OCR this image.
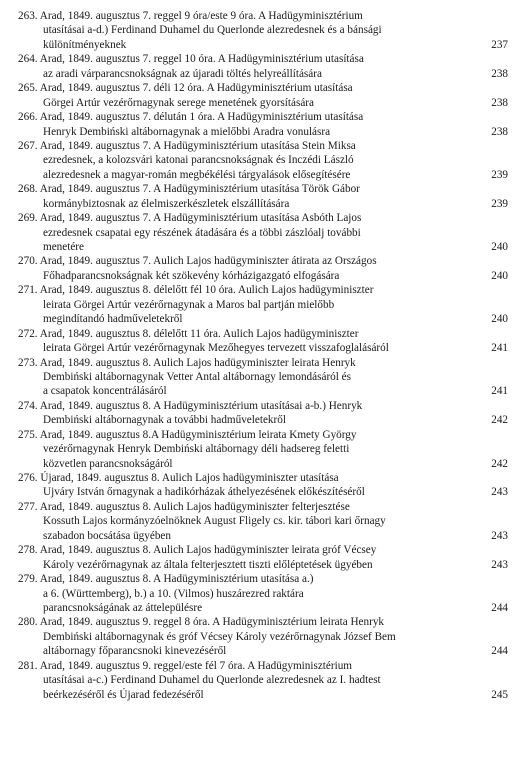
263. Arad, 1849. augusztus 7. reggel 9 óra/este 9 óra. A Hadügyminisztérium
utasításai a-d.) Ferdinand Duhamel du Querlonde alezredesnek és a bánsági
különítményeknek	237
264. Arad, 1849. augusztus 7. reggel 10 óra. A Hadügyminisztérium utasítása
az aradi várparancsnokságnak az újaradi töltés helyreállítására	238
265. Arad, 1849. augusztus 7. déli 12 óra. A Hadügyminisztérium utasítása
Görgei Artúr vezérőrnagynak serege menetének gyorsítására	238
266. Arad, 1849. augusztus 7. délután 1 óra. A Hadügyminisztérium utasítása
Henryk Dembiński altábornagynak a mielőbbi Aradra vonulásra	238
267. Arad, 1849. augusztus 7. A Hadügyminisztérium utasítása Stein Miksa
ezredesnek, a kolozsvári katonai parancsnokságnak és Inczédi László
alezredesnek a magyar-román megbékélési tárgyalások elősegítésére	239
268. Arad, 1849. augusztus 7. A Hadügyminisztérium utasítása Török Gábor
kormánybiztosnak az élelmiszerkészletek elszállítására	239
269. Arad, 1849. augusztus 7. A Hadügyminisztérium utasítása Asbóth Lajos
ezredesnek csapatai egy részének átadására és a többi zászlóalj további
menetére	240
270. Arad, 1849. augusztus 7. Aulich Lajos hadügyminiszter átirata az Országos
Főhadparancsnokságnak két szökevény kórházigazgató elfogására	240
271. Arad, 1849. augusztus 8. délelőtt fél 10 óra. Aulich Lajos hadügyminiszter
leirata Görgei Artúr vezérőrnagynak a Maros bal partján mielőbb
megindítandó hadműveletekről	240
272. Arad, 1849. augusztus 8. délelőtt 11 óra. Aulich Lajos hadügyminiszter
leirata Görgei Artúr vezérőrnagynak Mezőhegyes tervezett visszafoglalásáról	241
273. Arad, 1849. augusztus 8. Aulich Lajos hadügyminiszter leirata Henryk
Dembiński altábornagynak Vetter Antal altábornagy lemondásáról és
a csapatok koncentrálásáról	241
274. Arad, 1849. augusztus 8. A Hadügyminisztérium utasításai a-b.) Henryk
Dembiński altábornagynak a további hadműveletekről	242
275. Arad, 1849. augusztus 8.A Hadügyminisztérium leirata Kmety György
vezérőrnagynak Henryk Dembiński altábornagy déli hadsereg feletti
közvetlen parancsnokságáról	242
276. Újarad, 1849. augusztus 8. Aulich Lajos hadügyminiszter utasítása
Ujváry István őrnagynak a hadikórházak áthelyezésének előkészítéséről	243
277. Arad, 1849. augusztus 8. Aulich Lajos hadügyminiszter felterjesztése
Kossuth Lajos kormányzóelnöknek August Fligely cs. kir. tábori kari őrnagy
szabadon bocsátása ügyében	243
278. Arad, 1849. augusztus 8. Aulich Lajos hadügyminiszter leirata gróf Vécsey
Károly vezérőrnagynak az általa felterjesztett tiszti előléptetések ügyében	243
279. Arad, 1849. augusztus 8. A Hadügyminisztérium utasítása a.)
a 6. (Württemberg), b.) a 10. (Vilmos) huszárezred raktára
parancsnokságának az áttelepülésre	244
280. Arad, 1849. augusztus 9. reggel 8 óra. A Hadügyminisztérium leirata Henryk
Dembiński altábornagynak és gróf Vécsey Károly vezérőrnagynak József Bem
altábornagy főparancsnoki kinevezéséről	244
281. Arad, 1849. augusztus 9. reggel/este fél 7 óra. A Hadügyminisztérium
utasításai a-c.) Ferdinand Duhamel du Querlonde alezredesnek az I. hadtest
beérkezéséről és Újarad fedezéséről	245
